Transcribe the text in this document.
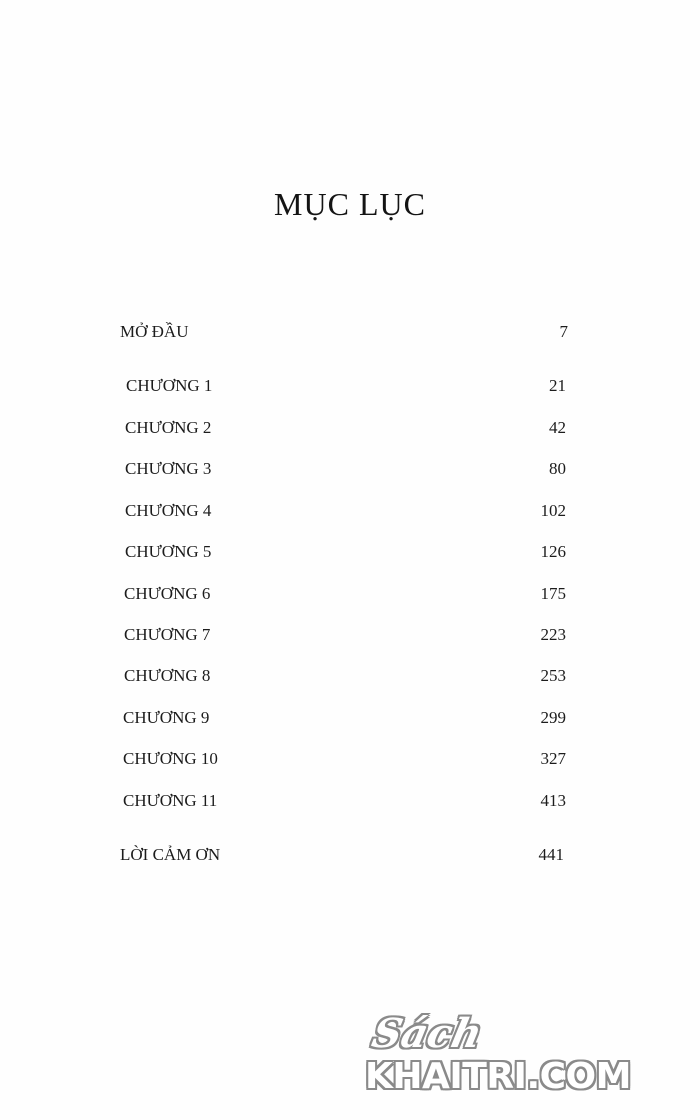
MỤC LỤC
MỞ ĐẦU	7
CHƯƠNG 1	21
CHƯƠNG 2	42
CHƯƠNG 3	80
CHƯƠNG 4	102
CHƯƠNG 5	126
CHƯƠNG 6	175
CHƯƠNG 7	223
CHƯƠNG 8	253
CHƯƠNG 9	299
CHƯƠNG 10	327
CHƯƠNG 11	413
LỜI CẢM ƠN	441
Sách
KHAITRI.COM
